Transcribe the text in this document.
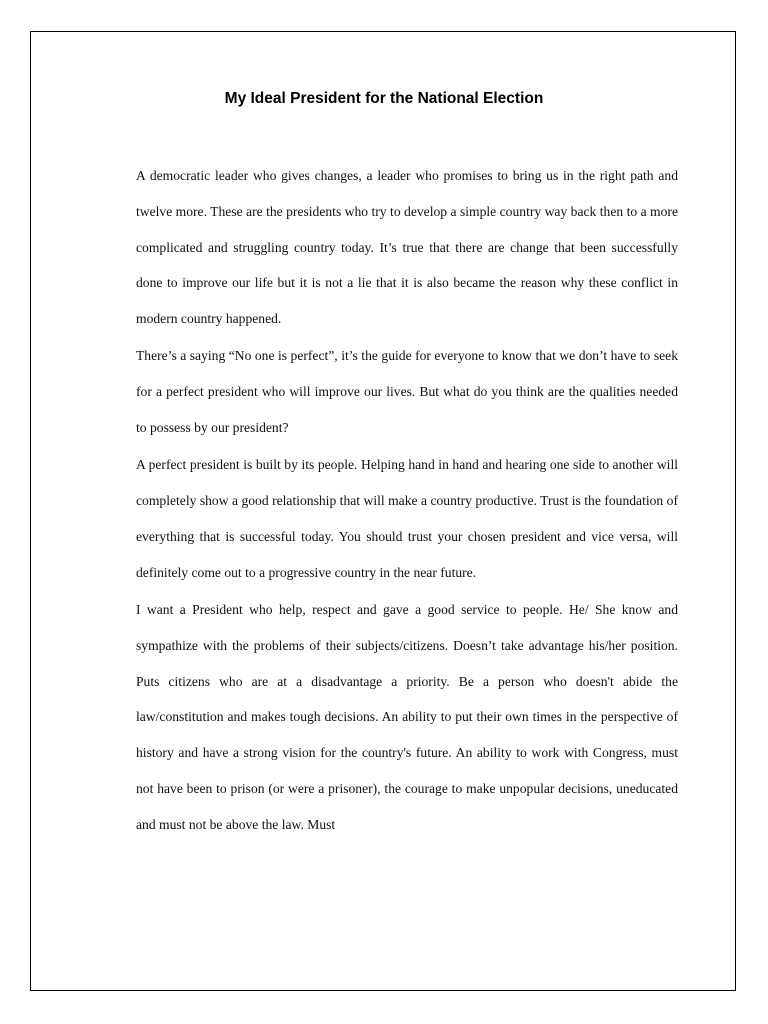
My Ideal President for the National Election

A democratic leader who gives changes, a leader who promises to bring us in the right path and twelve more. These are the presidents who try to develop a simple country way back then to a more complicated and struggling country today. It’s true that there are change that been successfully done to improve our life but it is not a lie that it is also became the reason why these conflict in modern country happened.

There’s a saying “No one is perfect”, it’s the guide for everyone to know that we don’t have to seek for a perfect president who will improve our lives. But what do you think are the qualities needed to possess by our president?

A perfect president is built by its people. Helping hand in hand and hearing one side to another will completely show a good relationship that will make a country productive. Trust is the foundation of everything that is successful today. You should trust your chosen president and vice versa, will definitely come out to a progressive country in the near future.

I want a President who help, respect and gave a good service to people. He/ She know and sympathize with the problems of their subjects/citizens. Doesn’t take advantage his/her position. Puts citizens who are at a disadvantage a priority. Be a person who doesn't abide the law/constitution and makes tough decisions. An ability to put their own times in the perspective of history and have a strong vision for the country's future. An ability to work with Congress, must not have been to prison (or were a prisoner), the courage to make unpopular decisions, uneducated and must not be above the law. Must
